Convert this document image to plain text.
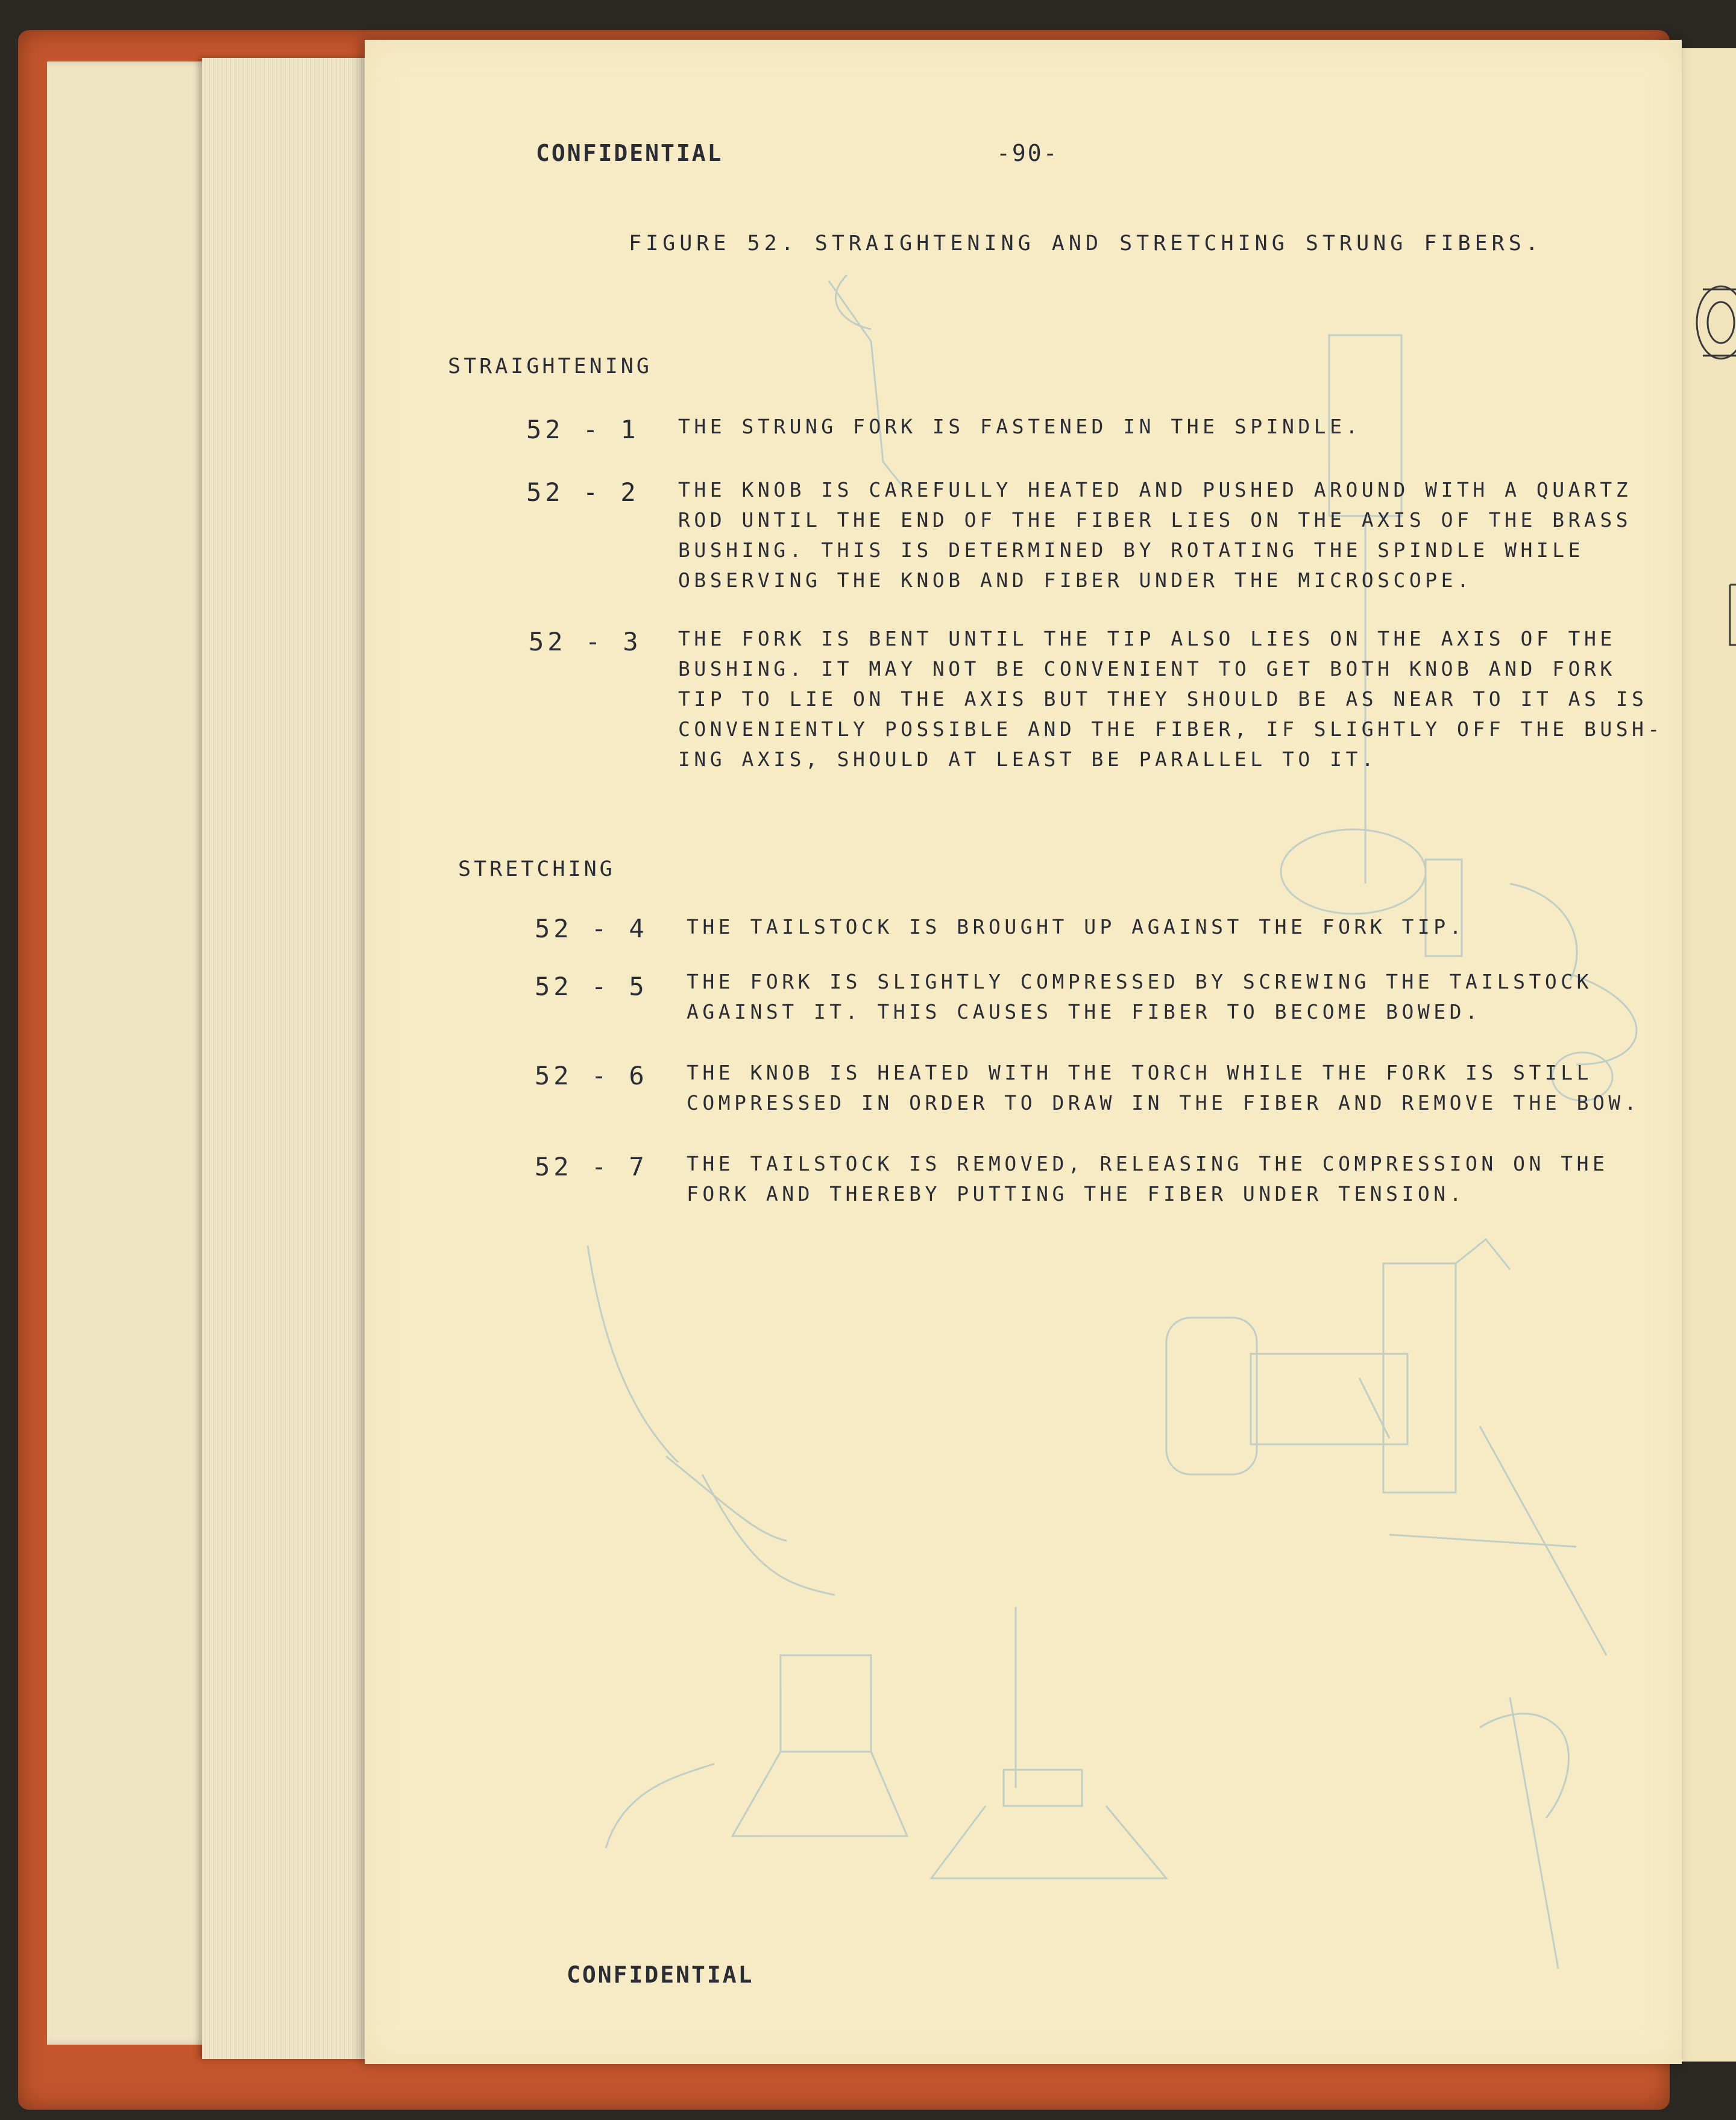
CONFIDENTIAL	-90-
FIGURE 52. STRAIGHTENING AND STRETCHING STRUNG FIBERS.
STRAIGHTENING
52 - 1 THE STRUNG FORK IS FASTENED IN THE SPINDLE.
52 - 2 THE KNOB IS CAREFULLY HEATED AND PUSHED AROUND WITH A QUARTZ
ROD UNTIL THE END OF THE FIBER LIES ON THE AXIS OF THE BRASS
BUSHING. THIS IS DETERMINED BY ROTATING THE SPINDLE WHILE
OBSERVING THE KNOB AND FIBER UNDER THE MICROSCOPE.
52 - 3 THE FORK IS BENT UNTIL THE TIP ALSO LIES ON THE AXIS OF THE
BUSHING. IT MAY NOT BE CONVENIENT TO GET BOTH KNOB AND FORK
TIP TO LIE ON THE AXIS BUT THEY SHOULD BE AS NEAR TO IT AS IS
CONVENIENTLY POSSIBLE AND THE FIBER, IF SLIGHTLY OFF THE BUSH-
ING AXIS, SHOULD AT LEAST BE PARALLEL TO IT.
STRETCHING
52 - 4 THE TAILSTOCK IS BROUGHT UP AGAINST THE FORK TIP.
52 - 5 THE FORK IS SLIGHTLY COMPRESSED BY SCREWING THE TAILSTOCK
AGAINST IT. THIS CAUSES THE FIBER TO BECOME BOWED.
52 - 6 THE KNOB IS HEATED WITH THE TORCH WHILE THE FORK IS STILL
COMPRESSED IN ORDER TO DRAW IN THE FIBER AND REMOVE THE BOW.
52 - 7 THE TAILSTOCK IS REMOVED, RELEASING THE COMPRESSION ON THE
FORK AND THEREBY PUTTING THE FIBER UNDER TENSION.
CONFIDENTIAL
